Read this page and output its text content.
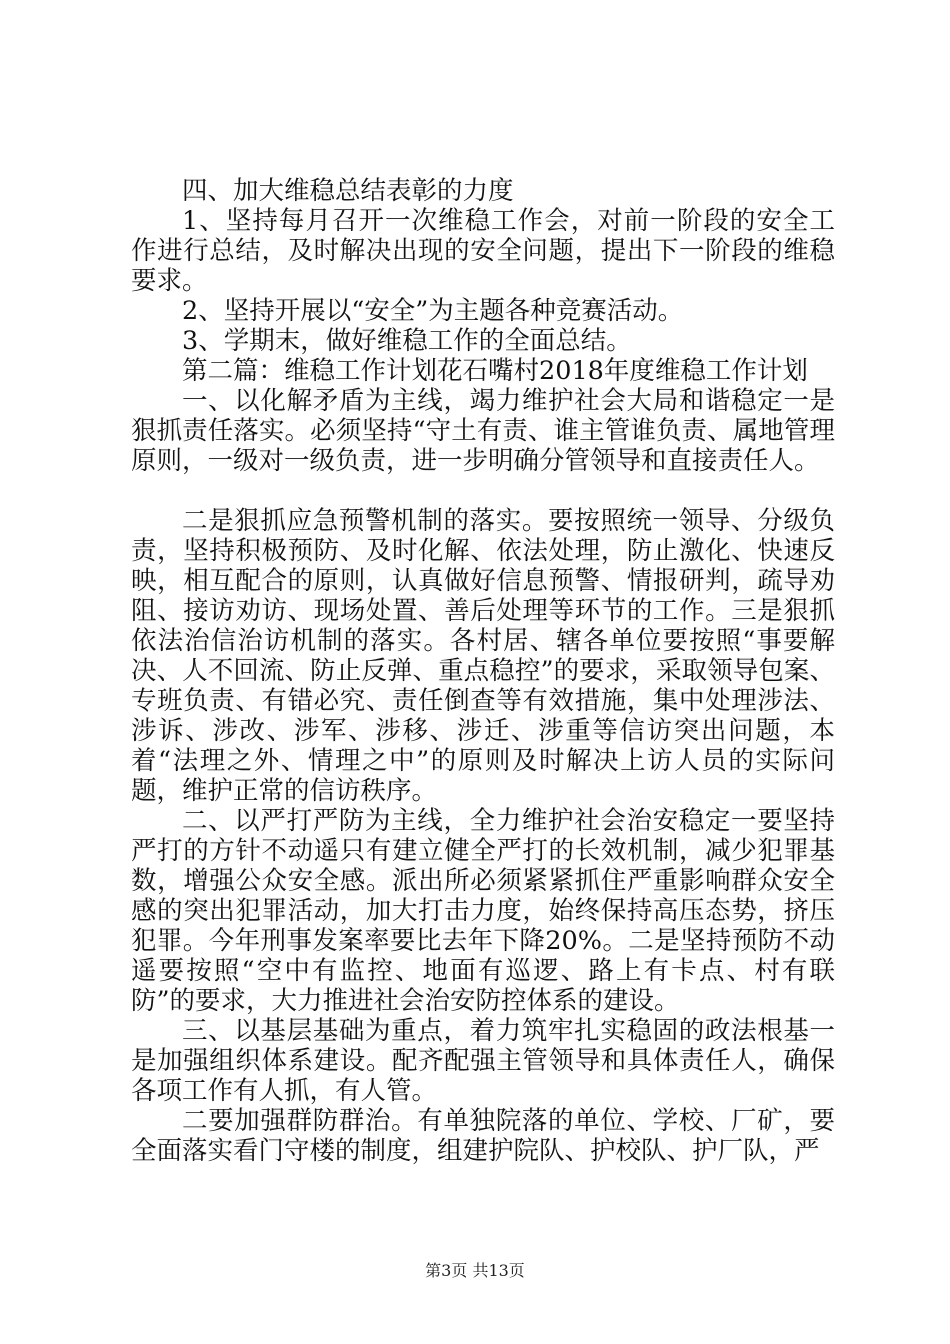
四、加大维稳总结表彰的力度

1、坚持每月召开一次维稳工作会，对前一阶段的安全工作进行总结，及时解决出现的安全问题，提出下一阶段的维稳要求。

2、坚持开展以“安全”为主题各种竞赛活动。

3、学期末，做好维稳工作的全面总结。

第二篇：维稳工作计划花石嘴村2018年度维稳工作计划

一、以化解矛盾为主线，竭力维护社会大局和谐稳定一是狠抓责任落实。必须坚持“守土有责、谁主管谁负责、属地管理原则，一级对一级负责，进一步明确分管领导和直接责任人。

二是狠抓应急预警机制的落实。要按照统一领导、分级负责，坚持积极预防、及时化解、依法处理，防止激化、快速反映，相互配合的原则，认真做好信息预警、情报研判，疏导劝阻、接访劝访、现场处置、善后处理等环节的工作。三是狠抓依法治信治访机制的落实。各村居、辖各单位要按照“事要解决、人不回流、防止反弹、重点稳控”的要求，采取领导包案、专班负责、有错必究、责任倒查等有效措施，集中处理涉法、涉诉、涉改、涉军、涉移、涉迁、涉重等信访突出问题，本着“法理之外、情理之中”的原则及时解决上访人员的实际问题，维护正常的信访秩序。

二、以严打严防为主线，全力维护社会治安稳定一要坚持严打的方针不动遥只有建立健全严打的长效机制，减少犯罪基数，增强公众安全感。派出所必须紧紧抓住严重影响群众安全感的突出犯罪活动，加大打击力度，始终保持高压态势，挤压犯罪。今年刑事发案率要比去年下降20%。二是坚持预防不动遥要按照“空中有监控、地面有巡逻、路上有卡点、村有联防”的要求，大力推进社会治安防控体系的建设。

三、以基层基础为重点，着力筑牢扎实稳固的政法根基一是加强组织体系建设。配齐配强主管领导和具体责任人，确保各项工作有人抓，有人管。

二要加强群防群治。有单独院落的单位、学校、厂矿，要全面落实看门守楼的制度，组建护院队、护校队、护厂队，严

第3页 共13页
